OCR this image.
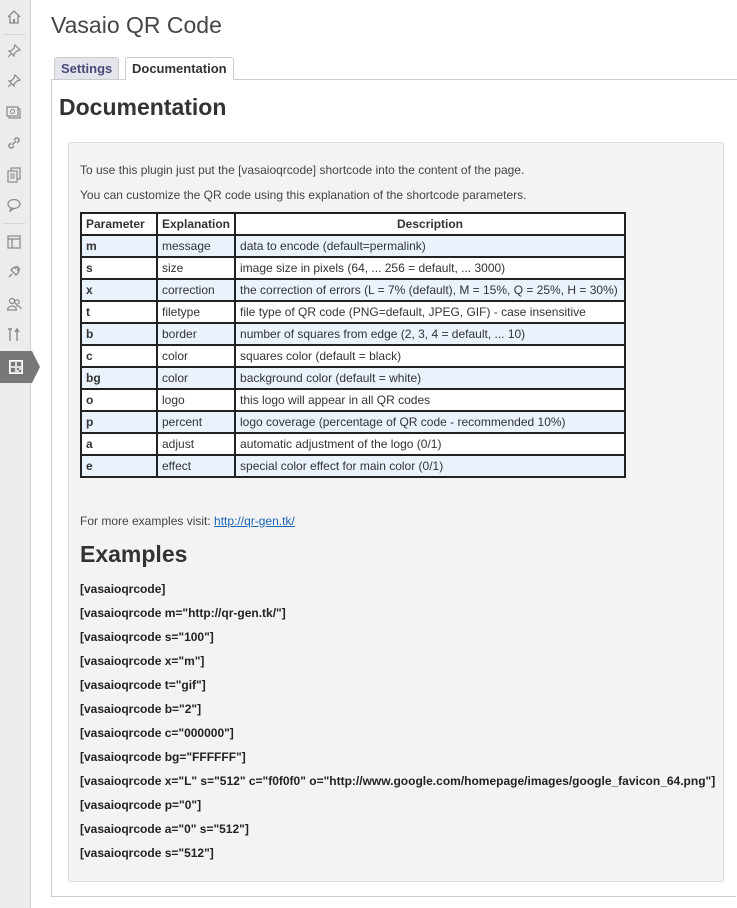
Vasaio QR Code
Settings	Documentation
Documentation

To use this plugin just put the [vasaioqrcode] shortcode into the content of the page.

You can customize the QR code using this explanation of the shortcode parameters.

Parameter	Explanation	Description
m	message	data to encode (default=permalink)
s	size	image size in pixels (64, ... 256 = default, ... 3000)
x	correction	the correction of errors (L = 7% (default), M = 15%, Q = 25%, H = 30%)
t	filetype	file type of QR code (PNG=default, JPEG, GIF) - case insensitive
b	border	number of squares from edge (2, 3, 4 = default, ... 10)
c	color	squares color (default = black)
bg	color	background color (default = white)
o	logo	this logo will appear in all QR codes
p	percent	logo coverage (percentage of QR code - recommended 10%)
a	adjust	automatic adjustment of the logo (0/1)
e	effect	special color effect for main color (0/1)

For more examples visit: http://qr-gen.tk/

Examples
[vasaioqrcode]
[vasaioqrcode m="http://qr-gen.tk/"]
[vasaioqrcode s="100"]
[vasaioqrcode x="m"]
[vasaioqrcode t="gif"]
[vasaioqrcode b="2"]
[vasaioqrcode c="000000"]
[vasaioqrcode bg="FFFFFF"]
[vasaioqrcode x="L" s="512" c="f0f0f0" o="http://www.google.com/homepage/images/google_favicon_64.png"]
[vasaioqrcode p="0"]
[vasaioqrcode a="0" s="512"]
[vasaioqrcode s="512"]
